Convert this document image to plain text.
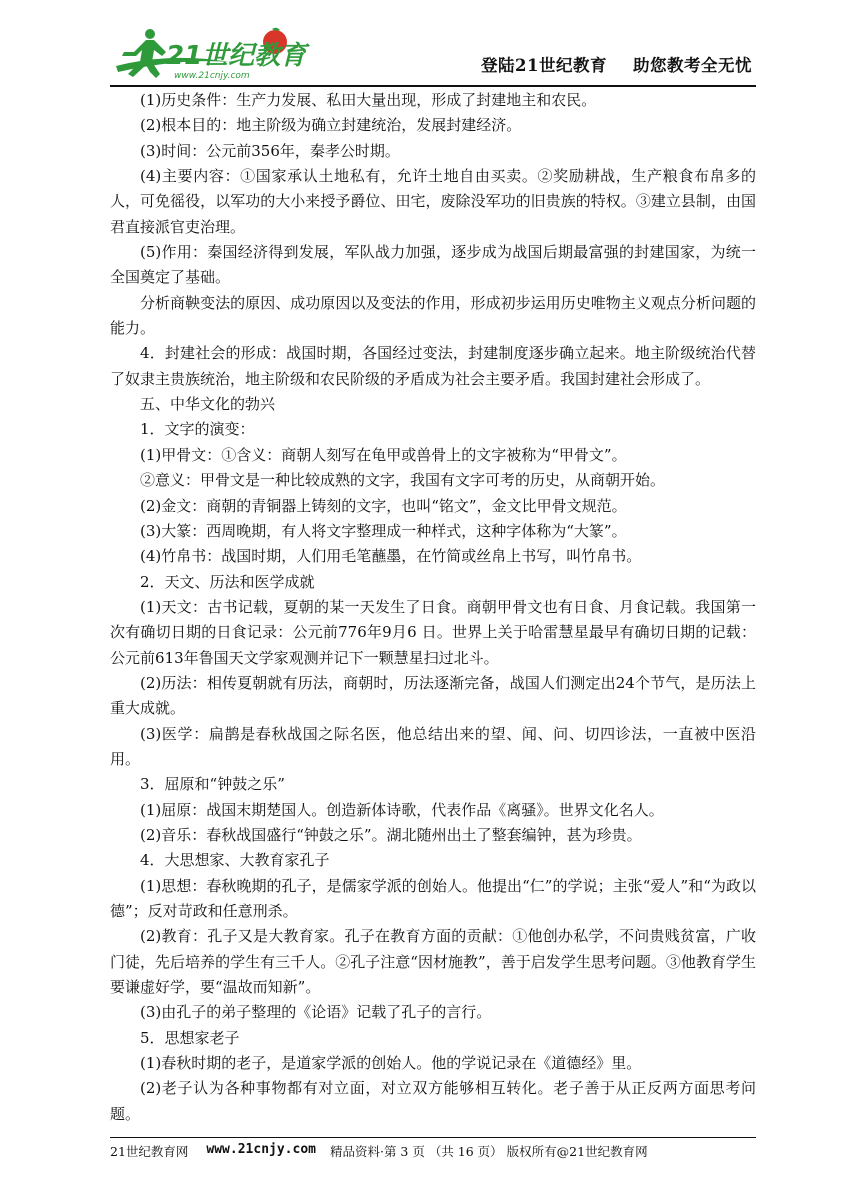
21世纪教育
www.21cnjy.com
登陆21世纪教育 助您教考全无忧

(1)历史条件：生产力发展、私田大量出现，形成了封建地主和农民。

(2)根本目的：地主阶级为确立封建统治，发展封建经济。

(3)时间：公元前356年，秦孝公时期。

(4)主要内容：①国家承认土地私有，允许土地自由买卖。②奖励耕战，生产粮食布帛多的人，可免徭役，以军功的大小来授予爵位、田宅，废除没军功的旧贵族的特权。③建立县制，由国君直接派官吏治理。

(5)作用：秦国经济得到发展，军队战力加强，逐步成为战国后期最富强的封建国家，为统一全国奠定了基础。

分析商鞅变法的原因、成功原因以及变法的作用，形成初步运用历史唯物主义观点分析问题的能力。

4．封建社会的形成：战国时期，各国经过变法，封建制度逐步确立起来。地主阶级统治代替了奴隶主贵族统治，地主阶级和农民阶级的矛盾成为社会主要矛盾。我国封建社会形成了。

五、中华文化的勃兴

1．文字的演变：

(1)甲骨文：①含义：商朝人刻写在龟甲或兽骨上的文字被称为“甲骨文”。

②意义：甲骨文是一种比较成熟的文字，我国有文字可考的历史，从商朝开始。

(2)金文：商朝的青铜器上铸刻的文字，也叫“铭文”，金文比甲骨文规范。

(3)大篆：西周晚期，有人将文字整理成一种样式，这种字体称为“大篆”。

(4)竹帛书：战国时期，人们用毛笔蘸墨，在竹简或丝帛上书写，叫竹帛书。

2．天文、历法和医学成就

(1)天文：古书记载，夏朝的某一天发生了日食。商朝甲骨文也有日食、月食记载。我国第一次有确切日期的日食记录：公元前776年9月6 日。世界上关于哈雷慧星最早有确切日期的记载：公元前613年鲁国天文学家观测并记下一颗慧星扫过北斗。

(2)历法：相传夏朝就有历法，商朝时，历法逐渐完备，战国人们测定出24个节气，是历法上重大成就。

(3)医学：扁鹊是春秋战国之际名医，他总结出来的望、闻、问、切四诊法，一直被中医沿用。

3．屈原和“钟鼓之乐”

(1)屈原：战国末期楚国人。创造新体诗歌，代表作品《离骚》。世界文化名人。

(2)音乐：春秋战国盛行“钟鼓之乐”。湖北随州出土了整套编钟，甚为珍贵。

4．大思想家、大教育家孔子

(1)思想：春秋晚期的孔子，是儒家学派的创始人。他提出“仁”的学说；主张“爱人”和“为政以德”；反对苛政和任意刑杀。

(2)教育：孔子又是大教育家。孔子在教育方面的贡献：①他创办私学，不问贵贱贫富，广收门徒，先后培养的学生有三千人。②孔子注意“因材施教”，善于启发学生思考问题。③他教育学生要谦虚好学，要“温故而知新”。

(3)由孔子的弟子整理的《论语》记载了孔子的言行。

5．思想家老子

(1)春秋时期的老子，是道家学派的创始人。他的学说记录在《道德经》里。

(2)老子认为各种事物都有对立面，对立双方能够相互转化。老子善于从正反两方面思考问题。

21世纪教育网 www.21cnjy.com 精品资料·第 3 页 （共 16 页） 版权所有@21世纪教育网
